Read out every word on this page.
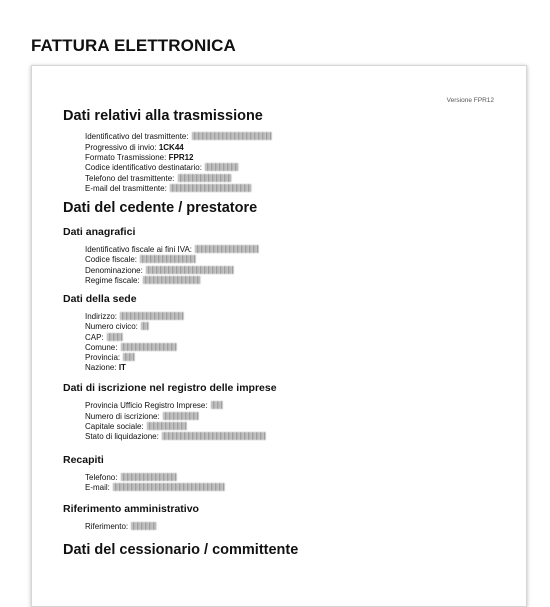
FATTURA ELETTRONICA
Versione FPR12
Dati relativi alla trasmissione
Identificativo del trasmittente:
Progressivo di invio: 1CK44
Formato Trasmissione: FPR12
Codice identificativo destinatario:
Telefono del trasmittente:
E-mail del trasmittente:
Dati del cedente / prestatore
Dati anagrafici
Identificativo fiscale ai fini IVA:
Codice fiscale:
Denominazione:
Regime fiscale:
Dati della sede
Indirizzo:
Numero civico:
CAP:
Comune:
Provincia:
Nazione: IT
Dati di iscrizione nel registro delle imprese
Provincia Ufficio Registro Imprese:
Numero di iscrizione:
Capitale sociale:
Stato di liquidazione:
Recapiti
Telefono:
E-mail:
Riferimento amministrativo
Riferimento:
Dati del cessionario / committente
